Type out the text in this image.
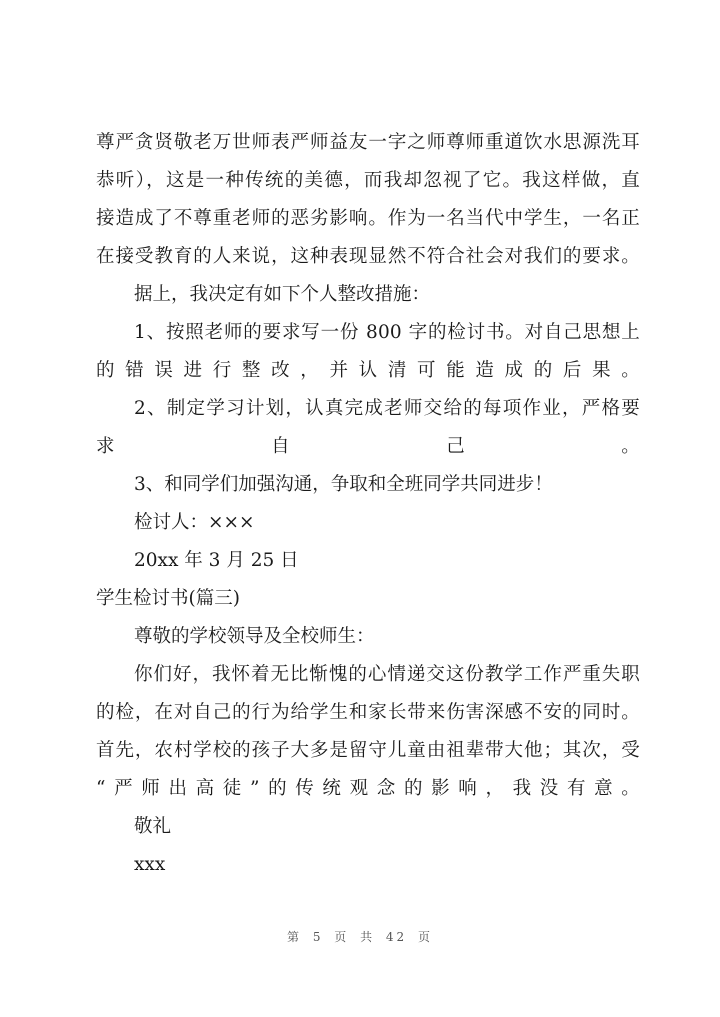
尊严贪贤敬老万世师表严师益友一字之师尊师重道饮水思源洗耳
恭听），这是一种传统的美德，而我却忽视了它。我这样做，直
接造成了不尊重老师的恶劣影响。作为一名当代中学生，一名正
在接受教育的人来说，这种表现显然不符合社会对我们的要求。

据上，我决定有如下个人整改措施：

1、按照老师的要求写一份 800 字的检讨书。对自己思想上
的错误进行整改，并认清可能造成的后果。
2、制定学习计划，认真完成老师交给的每项作业，严格要
求自己。

3、和同学们加强沟通，争取和全班同学共同进步！

检讨人：×××

20xx 年 3 月 25 日

学生检讨书(篇三)

尊敬的学校领导及全校师生：

你们好，我怀着无比惭愧的心情递交这份教学工作严重失职
的检，在对自己的行为给学生和家长带来伤害深感不安的同时。
首先，农村学校的孩子大多是留守儿童由祖辈带大他；其次，受
“严师出高徒”的传统观念的影响，我没有意。

敬礼

xxx

第 5 页 共 42 页
